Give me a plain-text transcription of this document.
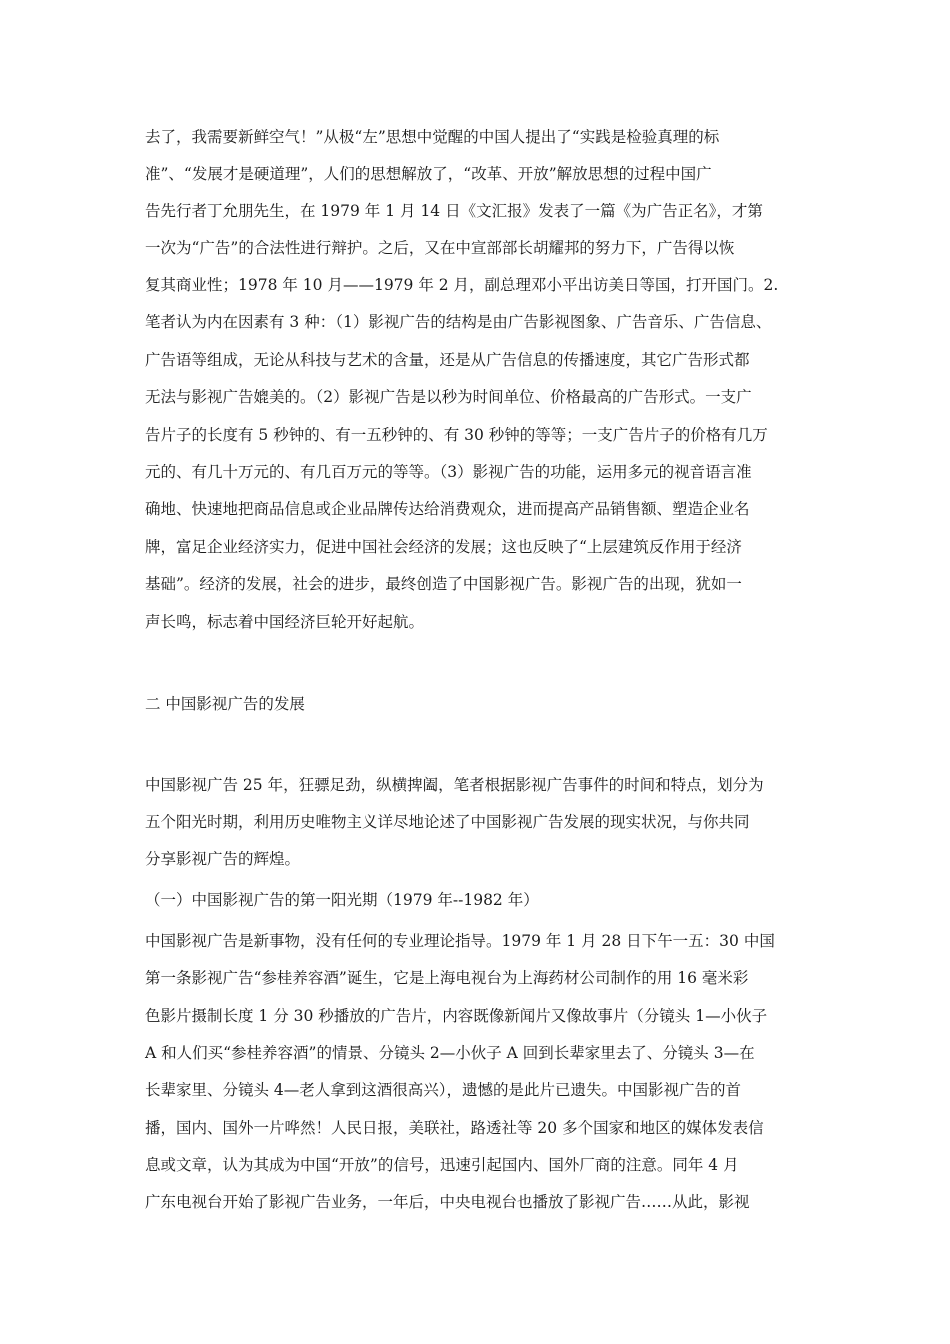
去了，我需要新鲜空气！”从极“左”思想中觉醒的中国人提出了“实践是检验真理的标
准”、“发展才是硬道理”，人们的思想解放了，“改革、开放”解放思想的过程中国广
告先行者丁允朋先生，在 1979 年 1 月 14 日《文汇报》发表了一篇《为广告正名》，才第
一次为“广告”的合法性进行辩护。之后，又在中宣部部长胡耀邦的努力下，广告得以恢
复其商业性；1978 年 10 月——1979 年 2 月，副总理邓小平出访美日等国，打开国门。2.
笔者认为内在因素有 3 种：（1）影视广告的结构是由广告影视图象、广告音乐、广告信息、
广告语等组成，无论从科技与艺术的含量，还是从广告信息的传播速度，其它广告形式都
无法与影视广告媲美的。（2）影视广告是以秒为时间单位、价格最高的广告形式。一支广
告片子的长度有 5 秒钟的、有一五秒钟的、有 30 秒钟的等等；一支广告片子的价格有几万
元的、有几十万元的、有几百万元的等等。（3）影视广告的功能，运用多元的视音语言准
确地、快速地把商品信息或企业品牌传达给消费观众，进而提高产品销售额、塑造企业名
牌，富足企业经济实力，促进中国社会经济的发展；这也反映了“上层建筑反作用于经济
基础”。经济的发展，社会的进步，最终创造了中国影视广告。影视广告的出现，犹如一
声长鸣，标志着中国经济巨轮开好起航。
二 中国影视广告的发展
中国影视广告 25 年，狂骠足劲，纵横捭阖，笔者根据影视广告事件的时间和特点，划分为
五个阳光时期，利用历史唯物主义详尽地论述了中国影视广告发展的现实状况，与你共同
分享影视广告的辉煌。
（一）中国影视广告的第一阳光期（1979 年--1982 年）
中国影视广告是新事物，没有任何的专业理论指导。1979 年 1 月 28 日下午一五：30 中国
第一条影视广告“参桂养容酒”诞生，它是上海电视台为上海药材公司制作的用 16 毫米彩
色影片摄制长度 1 分 30 秒播放的广告片，内容既像新闻片又像故事片（分镜头 1—小伙子
A 和人们买“参桂养容酒”的情景、分镜头 2—小伙子 A 回到长辈家里去了、分镜头 3—在
长辈家里、分镜头 4—老人拿到这酒很高兴），遗憾的是此片已遗失。中国影视广告的首
播，国内、国外一片哗然！人民日报，美联社，路透社等 20 多个国家和地区的媒体发表信
息或文章，认为其成为中国“开放”的信号，迅速引起国内、国外厂商的注意。同年 4 月
广东电视台开始了影视广告业务，一年后，中央电视台也播放了影视广告……从此，影视
